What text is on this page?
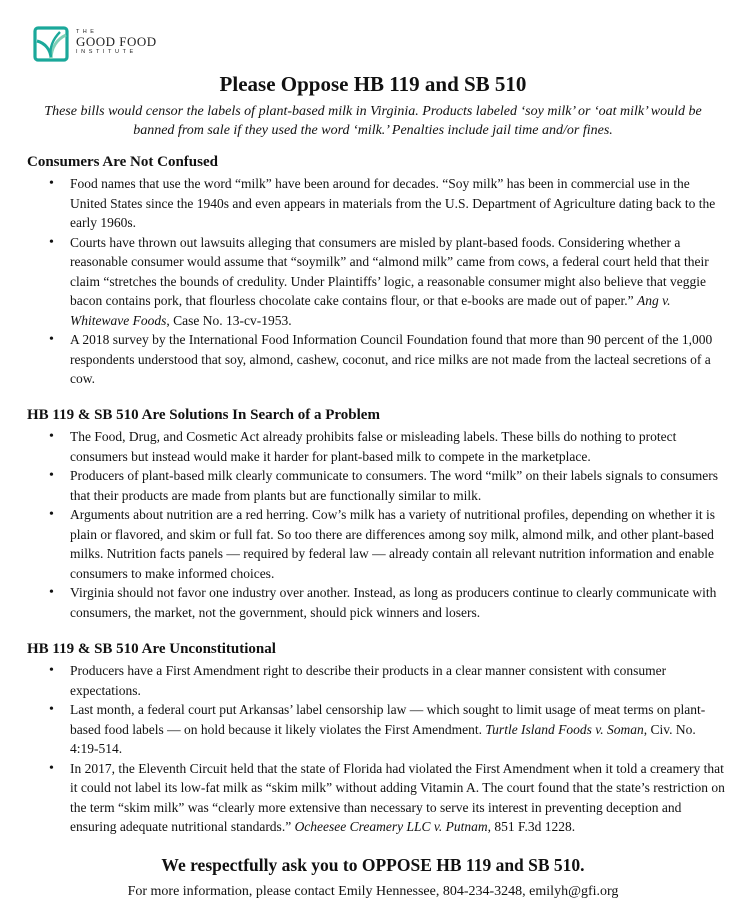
T H E
GOOD FOOD
INSTITUTE
Please Oppose HB 119 and SB 510

These bills would censor the labels of plant-based milk in Virginia. Products labeled ‘soy milk’ or ‘oat milk’ would be banned from sale if they used the word ‘milk.’ Penalties include jail time and/or fines.

Consumers Are Not Confused
• Food names that use the word “milk” have been around for decades. “Soy milk” has been in commercial use in the United States since the 1940s and even appears in materials from the U.S. Department of Agriculture dating back to the early 1960s.
• Courts have thrown out lawsuits alleging that consumers are misled by plant-based foods. Considering whether a reasonable consumer would assume that “soymilk” and “almond milk” came from cows, a federal court held that their claim “stretches the bounds of credulity. Under Plaintiffs’ logic, a reasonable consumer might also believe that veggie bacon contains pork, that flourless chocolate cake contains flour, or that e-books are made out of paper.” Ang v. Whitewave Foods, Case No. 13-cv-1953.
• A 2018 survey by the International Food Information Council Foundation found that more than 90 percent of the 1,000 respondents understood that soy, almond, cashew, coconut, and rice milks are not made from the lacteal secretions of a cow.
HB 119 & SB 510 Are Solutions In Search of a Problem
• The Food, Drug, and Cosmetic Act already prohibits false or misleading labels. These bills do nothing to protect consumers but instead would make it harder for plant-based milk to compete in the marketplace.
• Producers of plant-based milk clearly communicate to consumers. The word “milk” on their labels signals to consumers that their products are made from plants but are functionally similar to milk.
• Arguments about nutrition are a red herring. Cow’s milk has a variety of nutritional profiles, depending on whether it is plain or flavored, and skim or full fat. So too there are differences among soy milk, almond milk, and other plant-based milks. Nutrition facts panels — required by federal law — already contain all relevant nutrition information and enable consumers to make informed choices.
• Virginia should not favor one industry over another. Instead, as long as producers continue to clearly communicate with consumers, the market, not the government, should pick winners and losers.
HB 119 & SB 510 Are Unconstitutional
• Producers have a First Amendment right to describe their products in a clear manner consistent with consumer expectations.
• Last month, a federal court put Arkansas’ label censorship law — which sought to limit usage of meat terms on plant-based food labels — on hold because it likely violates the First Amendment. Turtle Island Foods v. Soman, Civ. No. 4:19-514.
• In 2017, the Eleventh Circuit held that the state of Florida had violated the First Amendment when it told a creamery that it could not label its low-fat milk as “skim milk” without adding Vitamin A. The court found that the state’s restriction on the term “skim milk” was “clearly more extensive than necessary to serve its interest in preventing deception and ensuring adequate nutritional standards.” Ocheesee Creamery LLC v. Putnam, 851 F.3d 1228.

We respectfully ask you to OPPOSE HB 119 and SB 510.

For more information, please contact Emily Hennessee, 804-234-3248, emilyh@gfi.org
